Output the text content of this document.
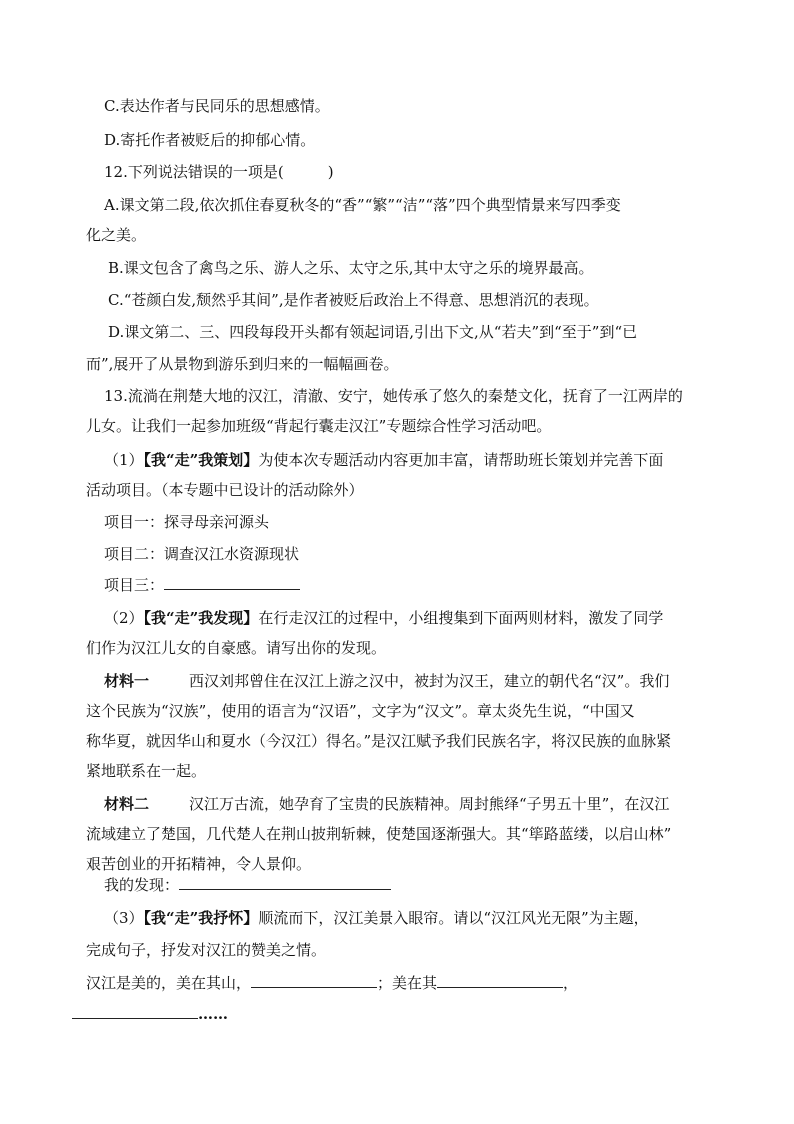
C.表达作者与民同乐的思想感情。
D.寄托作者被贬后的抑郁心情。
12.下列说法错误的一项是(	)
A.课文第二段,依次抓住春夏秋冬的“香”“繁”“洁”“落”四个典型情景来写四季变
化之美。
B.课文包含了禽鸟之乐、游人之乐、太守之乐,其中太守之乐的境界最高。
C.“苍颜白发,颓然乎其间”,是作者被贬后政治上不得意、思想消沉的表现。
D.课文第二、三、四段每段开头都有领起词语,引出下文,从“若夫”到“至于”到“已
而”,展开了从景物到游乐到归来的一幅幅画卷。
13.流淌在荆楚大地的汉江，清澈、安宁，她传承了悠久的秦楚文化，抚育了一江两岸的
儿女。让我们一起参加班级“背起行囊走汉江”专题综合性学习活动吧。
（1）【我“走”我策划】为使本次专题活动内容更加丰富，请帮助班长策划并完善下面
活动项目。（本专题中已设计的活动除外）
项目一：探寻母亲河源头
项目二：调查汉江水资源现状
项目三：
（2）【我“走”我发现】在行走汉江的过程中，小组搜集到下面两则材料，激发了同学
们作为汉江儿女的自豪感。请写出你的发现。
材料一	西汉刘邦曾住在汉江上游之汉中，被封为汉王，建立的朝代名“汉”。我们
这个民族为“汉族”，使用的语言为“汉语”，文字为“汉文”。章太炎先生说，“中国又
称华夏，就因华山和夏水（今汉江）得名。”是汉江赋予我们民族名字，将汉民族的血脉紧
紧地联系在一起。
材料二	汉江万古流，她孕育了宝贵的民族精神。周封熊绎“子男五十里”，在汉江
流域建立了楚国，几代楚人在荆山披荆斩棘，使楚国逐渐强大。其“筚路蓝缕，以启山林”
艰苦创业的开拓精神，令人景仰。
我的发现：
（3）【我“走”我抒怀】顺流而下，汉江美景入眼帘。请以“汉江风光无限”为主题，
完成句子，抒发对汉江的赞美之情。
汉江是美的，美在其山，	；美在其	，
……
